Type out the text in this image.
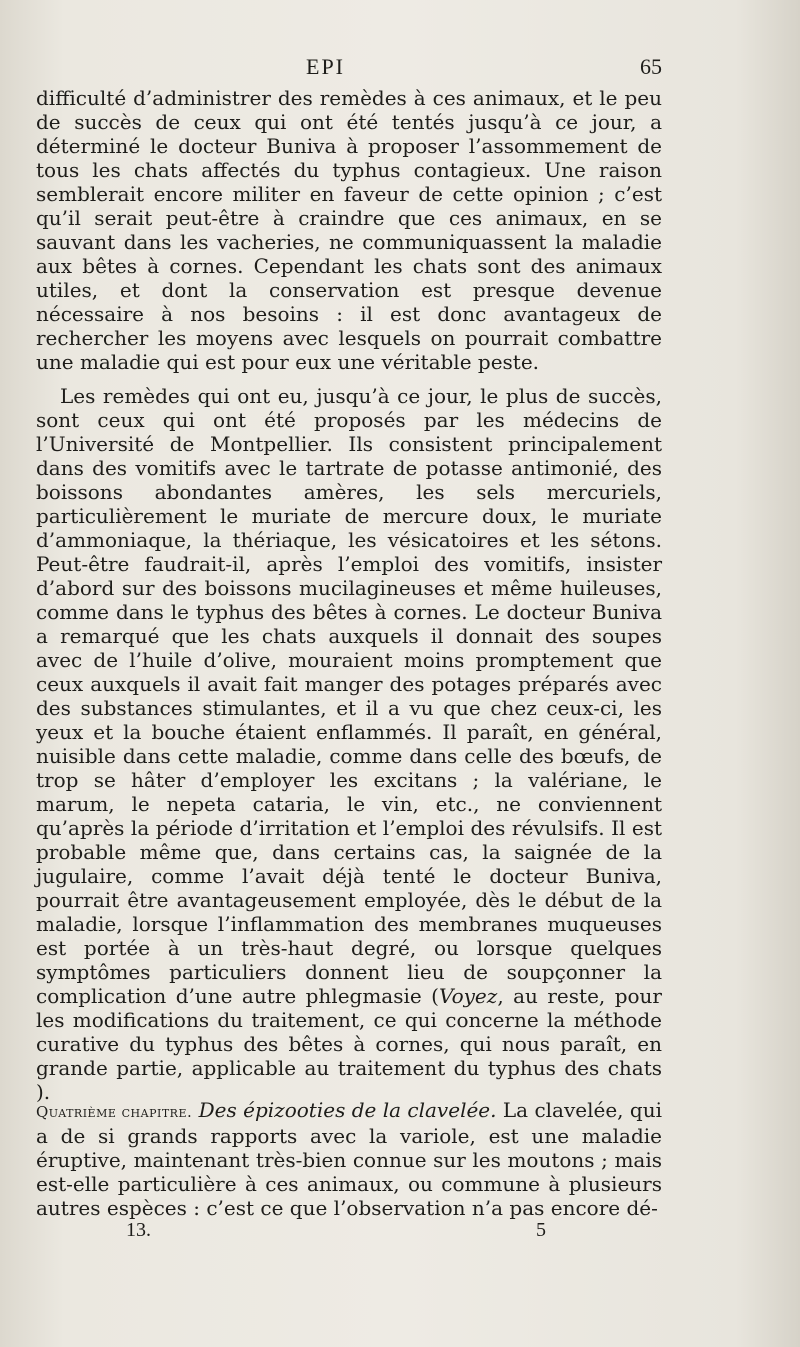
EPI	65

difficulté d’administrer des remèdes à ces animaux, et le peu de succès de ceux qui ont été tentés jusqu’à ce jour, a déterminé le docteur Buniva à proposer l’assommement de tous les chats affectés du typhus contagieux. Une raison semblerait encore militer en faveur de cette opinion ; c’est qu’il serait peut-être à craindre que ces animaux, en se sauvant dans les vacheries, ne communiquassent la maladie aux bêtes à cornes. Cependant les chats sont des animaux utiles, et dont la conservation est presque devenue nécessaire à nos besoins : il est donc avantageux de rechercher les moyens avec lesquels on pourrait combattre une maladie qui est pour eux une véritable peste.

Les remèdes qui ont eu, jusqu’à ce jour, le plus de succès, sont ceux qui ont été proposés par les médecins de l’Université de Montpellier. Ils consistent principalement dans des vomitifs avec le tartrate de potasse antimonié, des boissons abondantes amères, les sels mercuriels, particulièrement le muriate de mercure doux, le muriate d’ammoniaque, la thériaque, les vésicatoires et les sétons. Peut-être faudrait-il, après l’emploi des vomitifs, insister d’abord sur des boissons mucilagineuses et même huileuses, comme dans le typhus des bêtes à cornes. Le docteur Buniva a remarqué que les chats auxquels il donnait des soupes avec de l’huile d’olive, mouraient moins promptement que ceux auxquels il avait fait manger des potages préparés avec des substances stimulantes, et il a vu que chez ceux-ci, les yeux et la bouche étaient enflammés. Il paraît, en général, nuisible dans cette maladie, comme dans celle des bœufs, de trop se hâter d’employer les excitans ; la valériane, le marum, le nepeta cataria, le vin, etc., ne conviennent qu’après la période d’irritation et l’emploi des révulsifs. Il est probable même que, dans certains cas, la saignée de la jugulaire, comme l’avait déjà tenté le docteur Buniva, pourrait être avantageusement employée, dès le début de la maladie, lorsque l’inflammation des membranes muqueuses est portée à un très-haut degré, ou lorsque quelques symptômes particuliers donnent lieu de soupçonner la complication d’une autre phlegmasie (Voyez, au reste, pour les modifications du traitement, ce qui concerne la méthode curative du typhus des bêtes à cornes, qui nous paraît, en grande partie, applicable au traitement du typhus des chats ).

Quatrième chapitre. Des épizooties de la clavelée. La clavelée, qui a de si grands rapports avec la variole, est une maladie éruptive, maintenant très-bien connue sur les moutons ; mais est-elle particulière à ces animaux, ou commune à plusieurs autres espèces : c’est ce que l’observation n’a pas encore dé-

13.	5
